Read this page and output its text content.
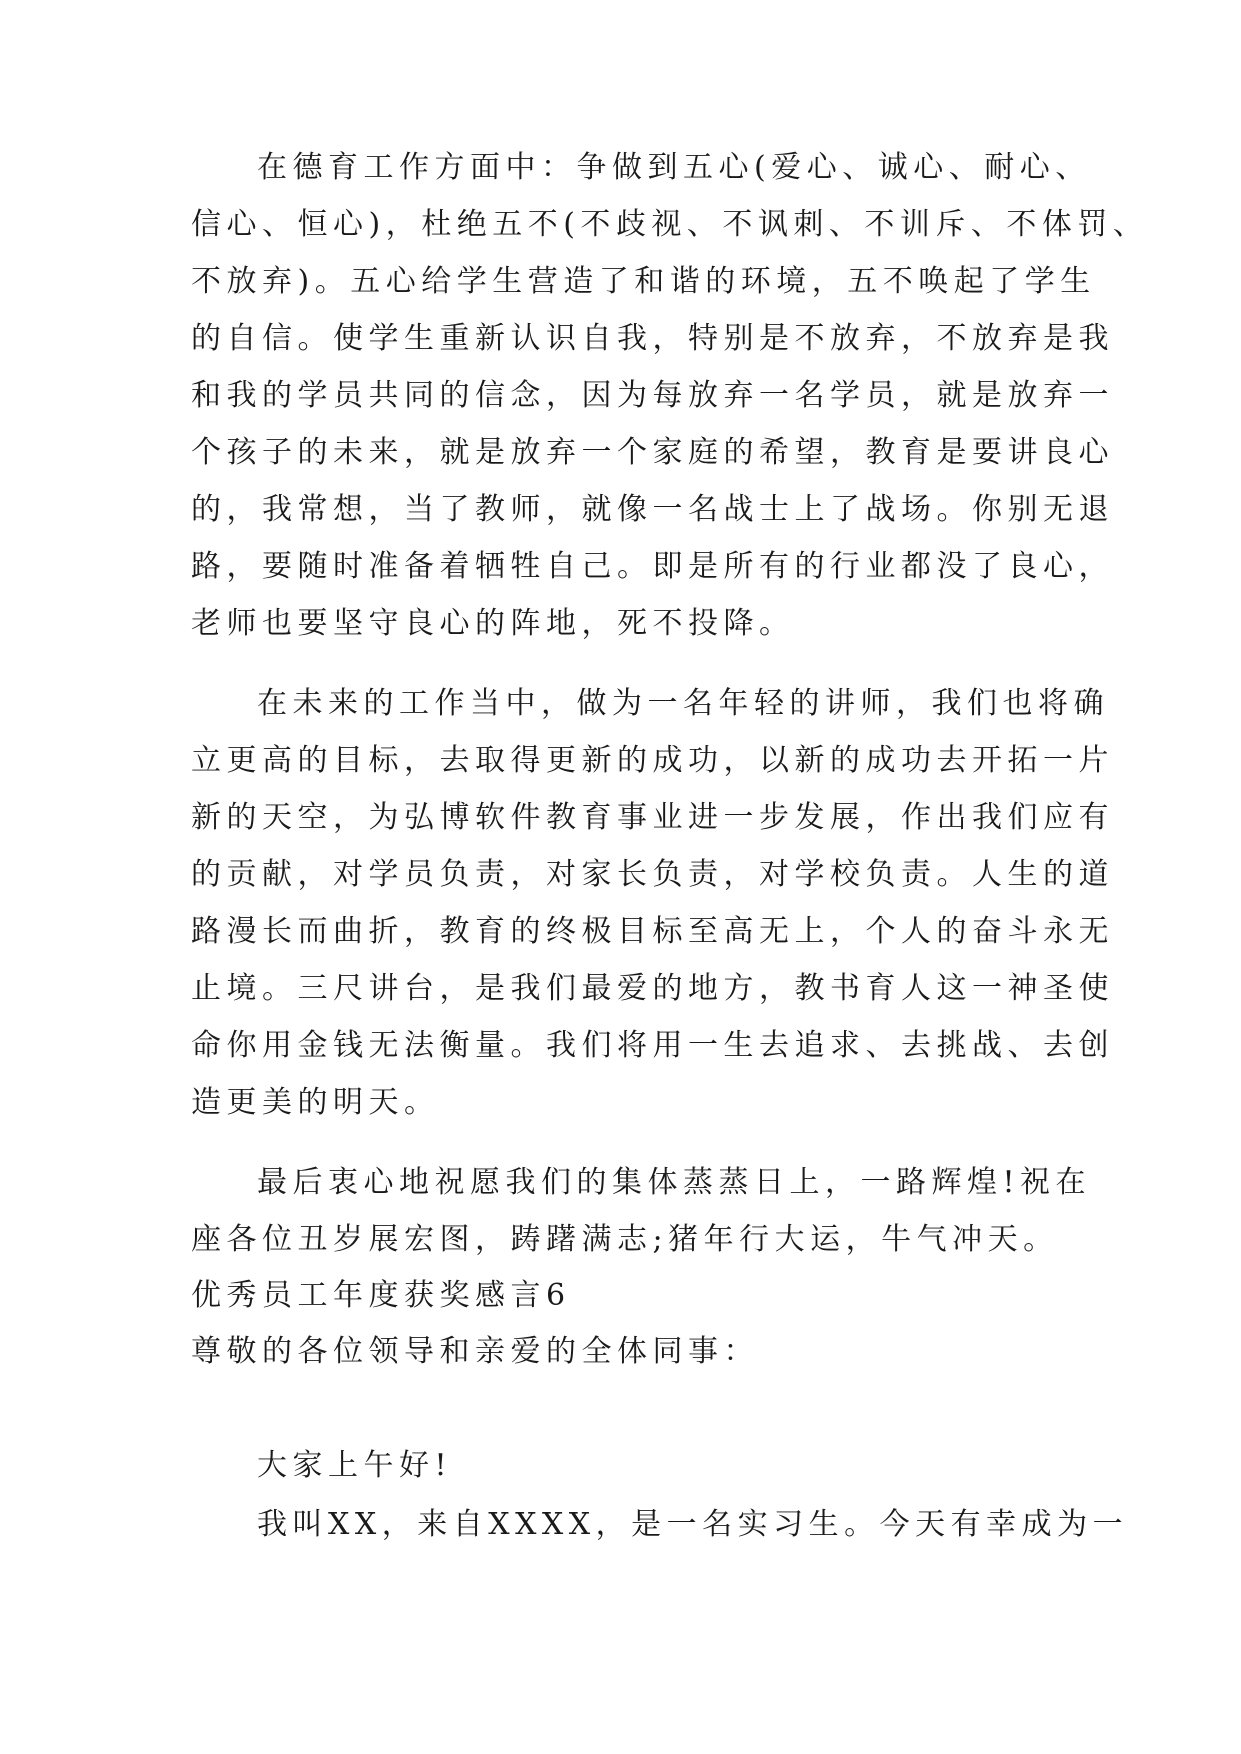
在德育工作方面中：争做到五心(爱心、诚心、耐心、
信心、恒心)，杜绝五不(不歧视、不讽刺、不训斥、不体罚、
不放弃)。五心给学生营造了和谐的环境，五不唤起了学生
的自信。使学生重新认识自我，特别是不放弃，不放弃是我
和我的学员共同的信念，因为每放弃一名学员，就是放弃一
个孩子的未来，就是放弃一个家庭的希望，教育是要讲良心
的，我常想，当了教师，就像一名战士上了战场。你别无退
路，要随时准备着牺牲自己。即是所有的行业都没了良心，
老师也要坚守良心的阵地，死不投降。
在未来的工作当中，做为一名年轻的讲师，我们也将确
立更高的目标，去取得更新的成功，以新的成功去开拓一片
新的天空，为弘博软件教育事业进一步发展，作出我们应有
的贡献，对学员负责，对家长负责，对学校负责。人生的道
路漫长而曲折，教育的终极目标至高无上，个人的奋斗永无
止境。三尺讲台，是我们最爱的地方，教书育人这一神圣使
命你用金钱无法衡量。我们将用一生去追求、去挑战、去创
造更美的明天。
最后衷心地祝愿我们的集体蒸蒸日上，一路辉煌!祝在
座各位丑岁展宏图，踌躇满志;猪年行大运，牛气冲天。
优秀员工年度获奖感言6
尊敬的各位领导和亲爱的全体同事：
大家上午好!
我叫XX，来自XXXX，是一名实习生。今天有幸成为一
